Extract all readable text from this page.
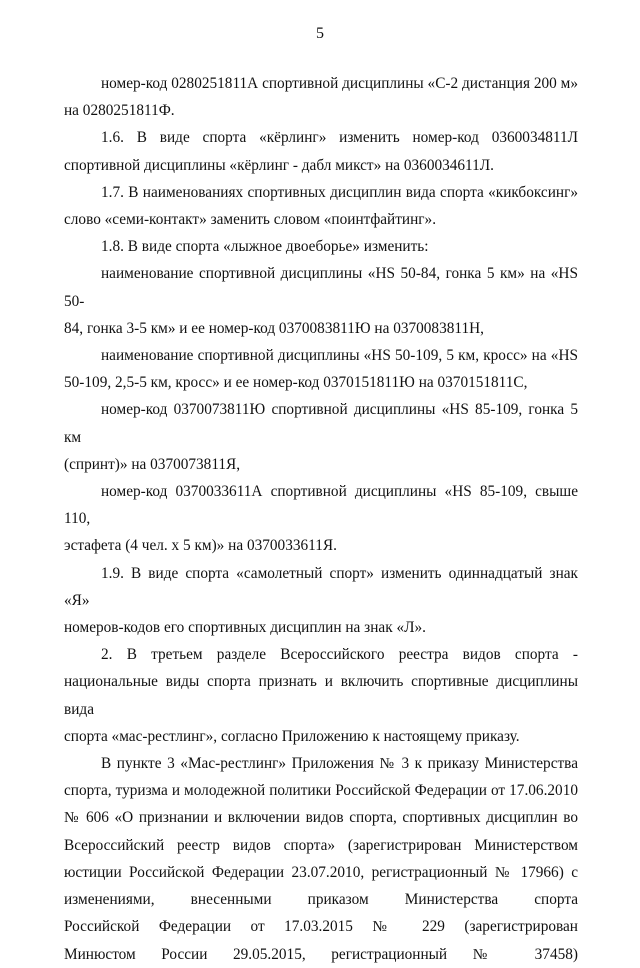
5
номер-код 0280251811А спортивной дисциплины «С-2 дистанция 200 м»
на 0280251811Ф.
1.6. В виде спорта «кёрлинг» изменить номер-код 0360034811Л
спортивной дисциплины «кёрлинг - дабл микст» на 0360034611Л.
1.7. В наименованиях спортивных дисциплин вида спорта «кикбоксинг»
слово «семи-контакт» заменить словом «поинтфайтинг».
1.8. В виде спорта «лыжное двоеборье» изменить:
наименование спортивной дисциплины «HS 50-84, гонка 5 км» на «HS 50-
84, гонка 3-5 км» и ее номер-код 0370083811Ю на 0370083811Н,
наименование спортивной дисциплины «HS 50-109, 5 км, кросс» на «HS
50-109, 2,5-5 км, кросс» и ее номер-код 0370151811Ю на 0370151811С,
номер-код 0370073811Ю спортивной дисциплины «HS 85-109, гонка 5 км
(спринт)» на 0370073811Я,
номер-код 0370033611А спортивной дисциплины «HS 85-109, свыше 110,
эстафета (4 чел. х 5 км)» на 0370033611Я.
1.9. В виде спорта «самолетный спорт» изменить одиннадцатый знак «Я»
номеров-кодов его спортивных дисциплин на знак «Л».
2. В третьем разделе Всероссийского реестра видов спорта -
национальные виды спорта признать и включить спортивные дисциплины вида
спорта «мас-рестлинг», согласно Приложению к настоящему приказу.
В пункте 3 «Мас-рестлинг» Приложения № 3 к приказу Министерства
спорта, туризма и молодежной политики Российской Федерации от 17.06.2010
№ 606 «О признании и включении видов спорта, спортивных дисциплин во
Всероссийский реестр видов спорта» (зарегистрирован Министерством
юстиции Российской Федерации 23.07.2010, регистрационный № 17966) с
изменениями, внесенными приказом Министерства спорта
Российской Федерации от 17.03.2015 № 229 (зарегистрирован
Минюстом России 29.05.2015, регистрационный № 37458)
